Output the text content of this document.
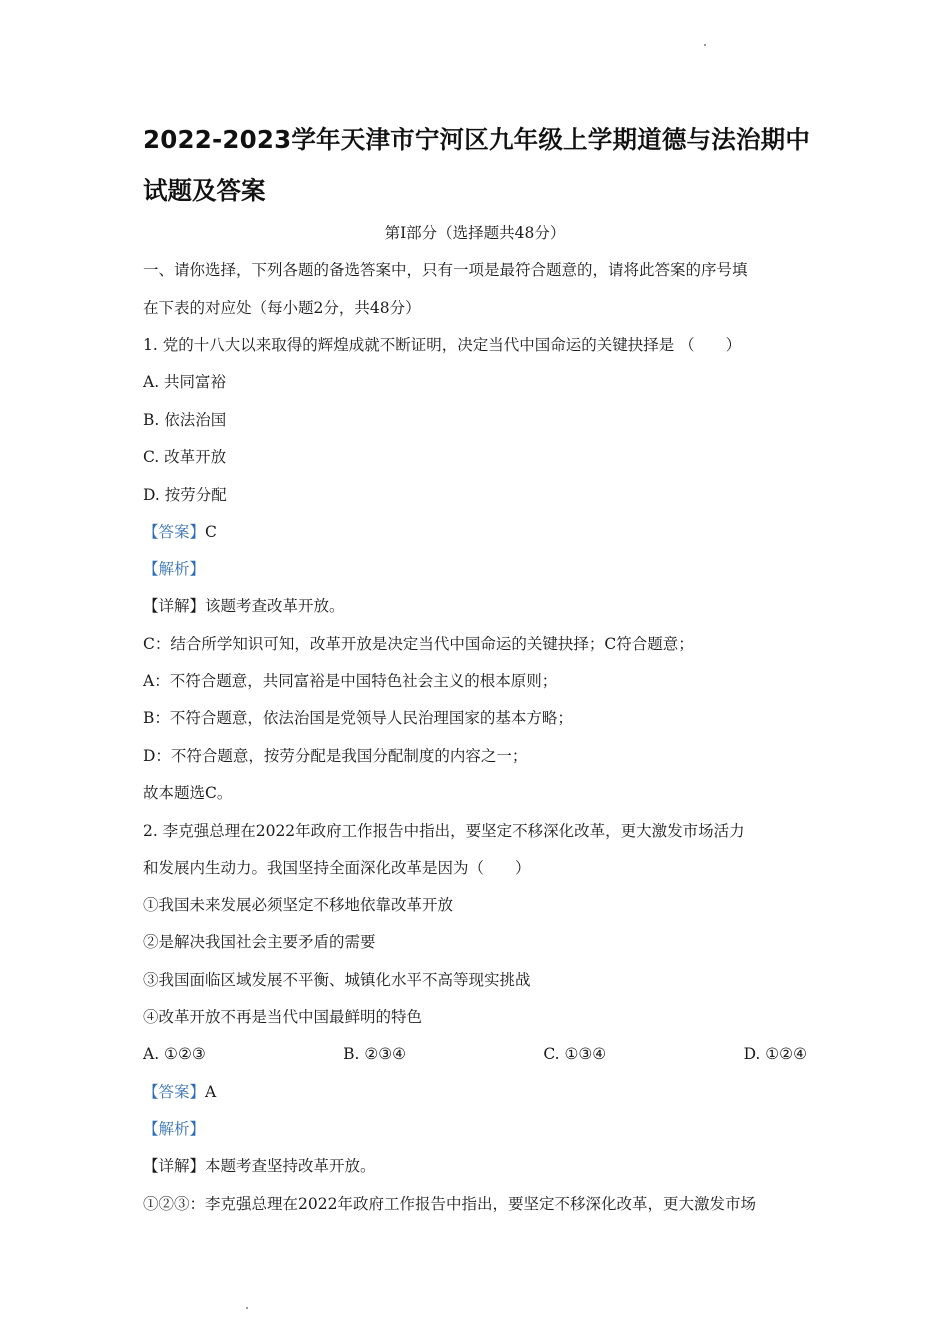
2022-2023学年天津市宁河区九年级上学期道德与法治期中
试题及答案
第Ⅰ部分（选择题共48分）
一、请你选择，下列各题的备选答案中，只有一项是最符合题意的，请将此答案的序号填
在下表的对应处（每小题2分，共48分）
1. 党的十八大以来取得的辉煌成就不断证明，决定当代中国命运的关键抉择是 （　　）
A. 共同富裕
B. 依法治国
C. 改革开放
D. 按劳分配
【答案】C
【解析】
【详解】该题考查改革开放。
C：结合所学知识可知，改革开放是决定当代中国命运的关键抉择；C符合题意；
A：不符合题意，共同富裕是中国特色社会主义的根本原则；
B：不符合题意，依法治国是党领导人民治理国家的基本方略；
D：不符合题意，按劳分配是我国分配制度的内容之一；
故本题选C。
2. 李克强总理在2022年政府工作报告中指出，要坚定不移深化改革，更大激发市场活力
和发展内生动力。我国坚持全面深化改革是因为（　　）
①我国未来发展必须坚定不移地依靠改革开放
②是解决我国社会主要矛盾的需要
③我国面临区域发展不平衡、城镇化水平不高等现实挑战
④改革开放不再是当代中国最鲜明的特色
A. ①②③	B. ②③④	C. ①③④	D. ①②④
【答案】A
【解析】
【详解】本题考查坚持改革开放。
①②③：李克强总理在2022年政府工作报告中指出，要坚定不移深化改革，更大激发市场
